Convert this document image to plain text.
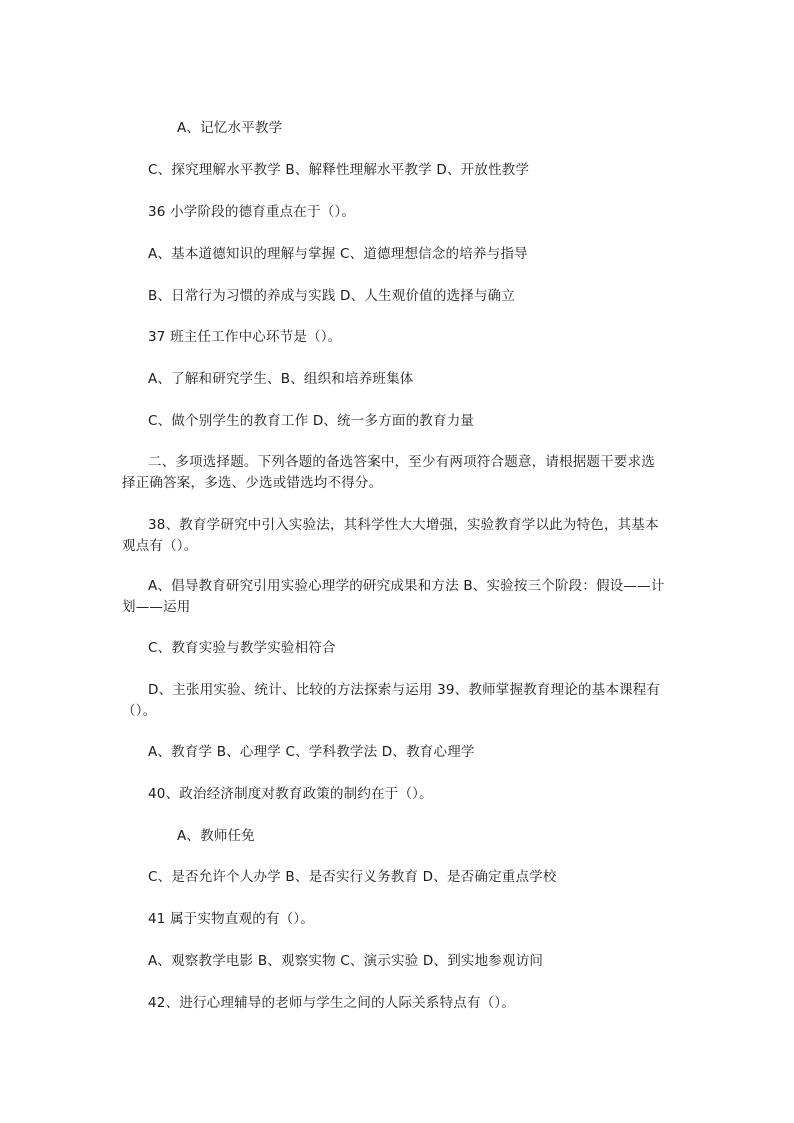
A、记忆水平教学
C、探究理解水平教学 B、解释性理解水平教学 D、开放性教学
36 小学阶段的德育重点在于（）。
A、基本道德知识的理解与掌握 C、道德理想信念的培养与指导
B、日常行为习惯的养成与实践 D、人生观价值的选择与确立
37 班主任工作中心环节是（）。
A、了解和研究学生、B、组织和培养班集体
C、做个别学生的教育工作 D、统一多方面的教育力量
二、多项选择题。下列各题的备选答案中，至少有两项符合题意，请根据题干要求选
择正确答案，多选、少选或错选均不得分。
38、教育学研究中引入实验法，其科学性大大增强，实验教育学以此为特色，其基本
观点有（）。
A、倡导教育研究引用实验心理学的研究成果和方法 B、实验按三个阶段：假设——计
划——运用
C、教育实验与教学实验相符合
D、主张用实验、统计、比较的方法探索与运用 39、教师掌握教育理论的基本课程有
（）。
A、教育学 B、心理学 C、学科教学法 D、教育心理学
40、政治经济制度对教育政策的制约在于（）。
A、教师任免
C、是否允许个人办学 B、是否实行义务教育 D、是否确定重点学校
41 属于实物直观的有（）。
A、观察教学电影 B、观察实物 C、演示实验 D、到实地参观访问
42、进行心理辅导的老师与学生之间的人际关系特点有（）。
